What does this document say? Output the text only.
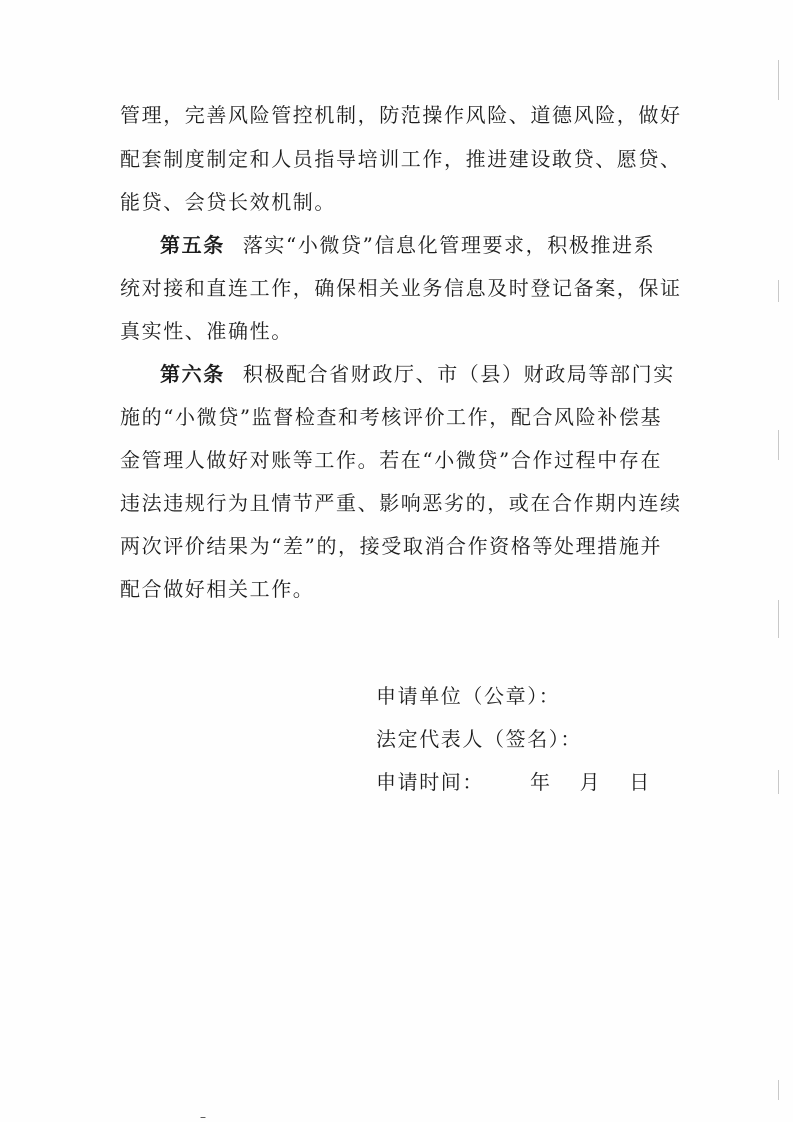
管理，完善风险管控机制，防范操作风险、道德风险，做好
配套制度制定和人员指导培训工作，推进建设敢贷、愿贷、
能贷、会贷长效机制。
第五条 落实“小微贷”信息化管理要求，积极推进系
统对接和直连工作，确保相关业务信息及时登记备案，保证
真实性、准确性。
第六条 积极配合省财政厅、市（县）财政局等部门实
施的“小微贷”监督检查和考核评价工作，配合风险补偿基
金管理人做好对账等工作。若在“小微贷”合作过程中存在
违法违规行为且情节严重、影响恶劣的，或在合作期内连续
两次评价结果为“差”的，接受取消合作资格等处理措施并
配合做好相关工作。
申请单位（公章）：
法定代表人（签名）：
申请时间： 年 月 日
–
